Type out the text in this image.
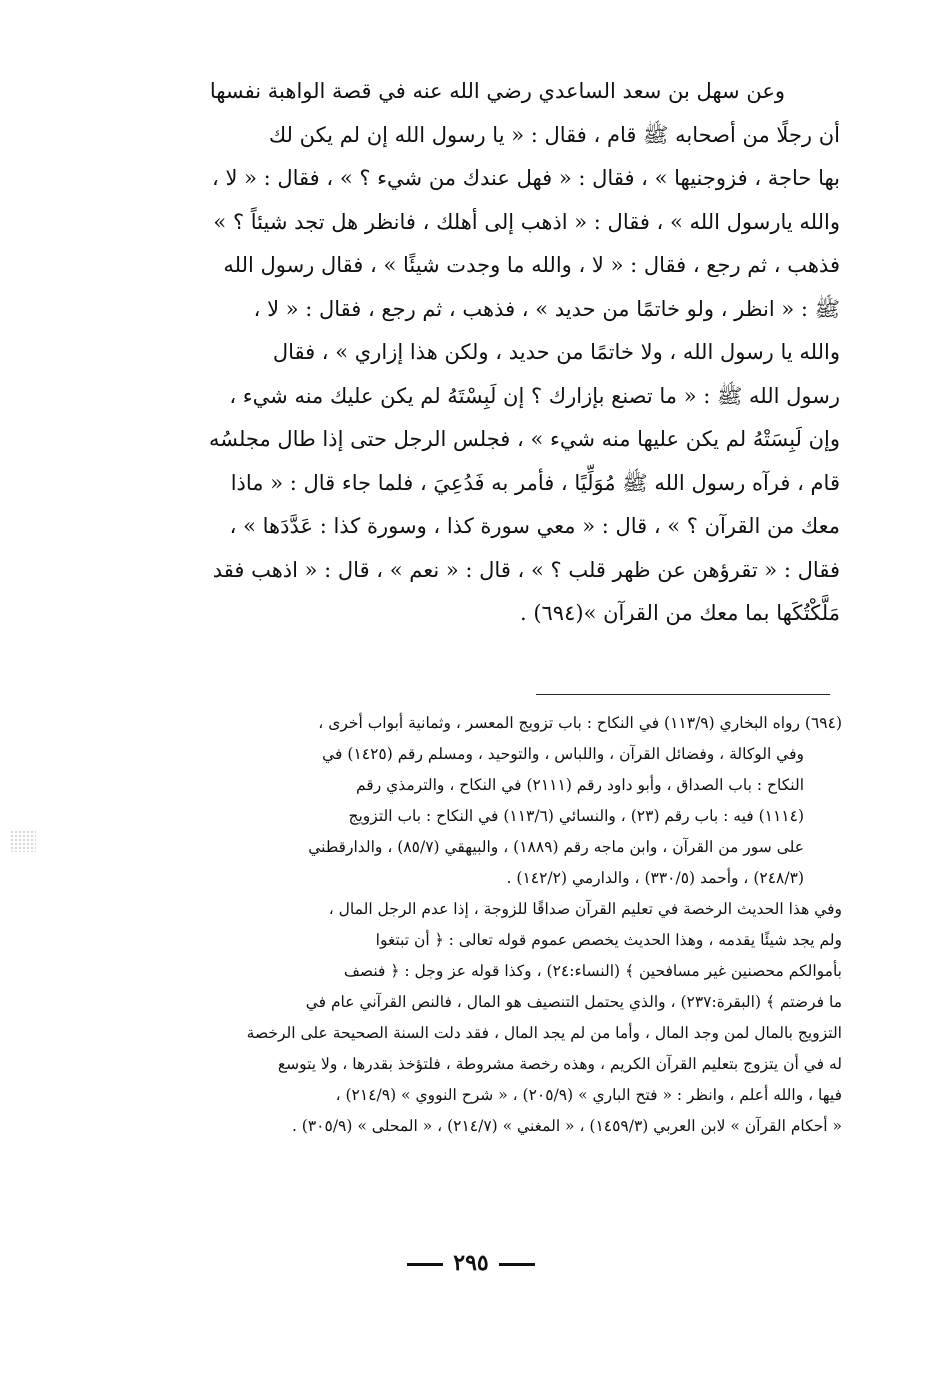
وعن سهل بن سعد الساعدي رضي الله عنه في قصة الواهبة نفسها
أن رجلًا من أصحابه ﷺ قام ، فقال : « يا رسول الله إن لم يكن لك
بها حاجة ، فزوجنيها » ، فقال : « فهل عندك من شيء ؟ » ، فقال : « لا ،
والله يارسول الله » ، فقال : « اذهب إلى أهلك ، فانظر هل تجد شيئاً ؟ »
فذهب ، ثم رجع ، فقال : « لا ، والله ما وجدت شيئًا » ، فقال رسول الله
ﷺ : « انظر ، ولو خاتمًا من حديد » ، فذهب ، ثم رجع ، فقال : « لا ،
والله يا رسول الله ، ولا خاتمًا من حديد ، ولكن هذا إزاري » ، فقال
رسول الله ﷺ : « ما تصنع بإزارك ؟ إن لَبِسْتَهُ لم يكن عليك منه شيء ،
وإن لَبِسَتْهُ لم يكن عليها منه شيء » ، فجلس الرجل حتى إذا طال مجلسُه
قام ، فرآه رسول الله ﷺ مُوَلِّيًا ، فأمر به فَدُعِيَ ، فلما جاء قال : « ماذا
معك من القرآن ؟ » ، قال : « معي سورة كذا ، وسورة كذا : عَدَّدَها » ،
فقال : « تقرؤهن عن ظهر قلب ؟ » ، قال : « نعم » ، قال : « اذهب فقد
مَلَّكْتُكَها بما معك من القرآن »(٦٩٤) .
(٦٩٤) رواه البخاري (١١٣/٩) في النكاح : باب تزويج المعسر ، وثمانية أبواب أخرى ،
وفي الوكالة ، وفضائل القرآن ، واللباس ، والتوحيد ، ومسلم رقم (١٤٢٥) في
النكاح : باب الصداق ، وأبو داود رقم (٢١١١) في النكاح ، والترمذي رقم
(١١١٤) فيه : باب رقم (٢٣) ، والنسائي (١١٣/٦) في النكاح : باب التزويج
على سور من القرآن ، وابن ماجه رقم (١٨٨٩) ، والبيهقي (٨٥/٧) ، والدارقطني
(٢٤٨/٣) ، وأحمد (٣٣٠/٥) ، والدارمي (١٤٢/٢) .
وفي هذا الحديث الرخصة في تعليم القرآن صداقًا للزوجة ، إذا عدم الرجل المال ،
ولم يجد شيئًا يقدمه ، وهذا الحديث يخصص عموم قوله تعالى : ﴿ أن تبتغوا
بأموالكم محصنين غير مسافحين ﴾ (النساء:٢٤) ، وكذا قوله عز وجل : ﴿ فنصف
ما فرضتم ﴾ (البقرة:٢٣٧) ، والذي يحتمل التنصيف هو المال ، فالنص القرآني عام في
التزويج بالمال لمن وجد المال ، وأما من لم يجد المال ، فقد دلت السنة الصحيحة على الرخصة
له في أن يتزوج بتعليم القرآن الكريم ، وهذه رخصة مشروطة ، فلتؤخذ بقدرها ، ولا يتوسع
فيها ، والله أعلم ، وانظر : « فتح الباري » (٢٠٥/٩) ، « شرح النووي » (٢١٤/٩) ،
« أحكام القرآن » لابن العربي (١٤٥٩/٣) ، « المغني » (٢١٤/٧) ، « المحلى » (٣٠٥/٩) .
٢٩٥
